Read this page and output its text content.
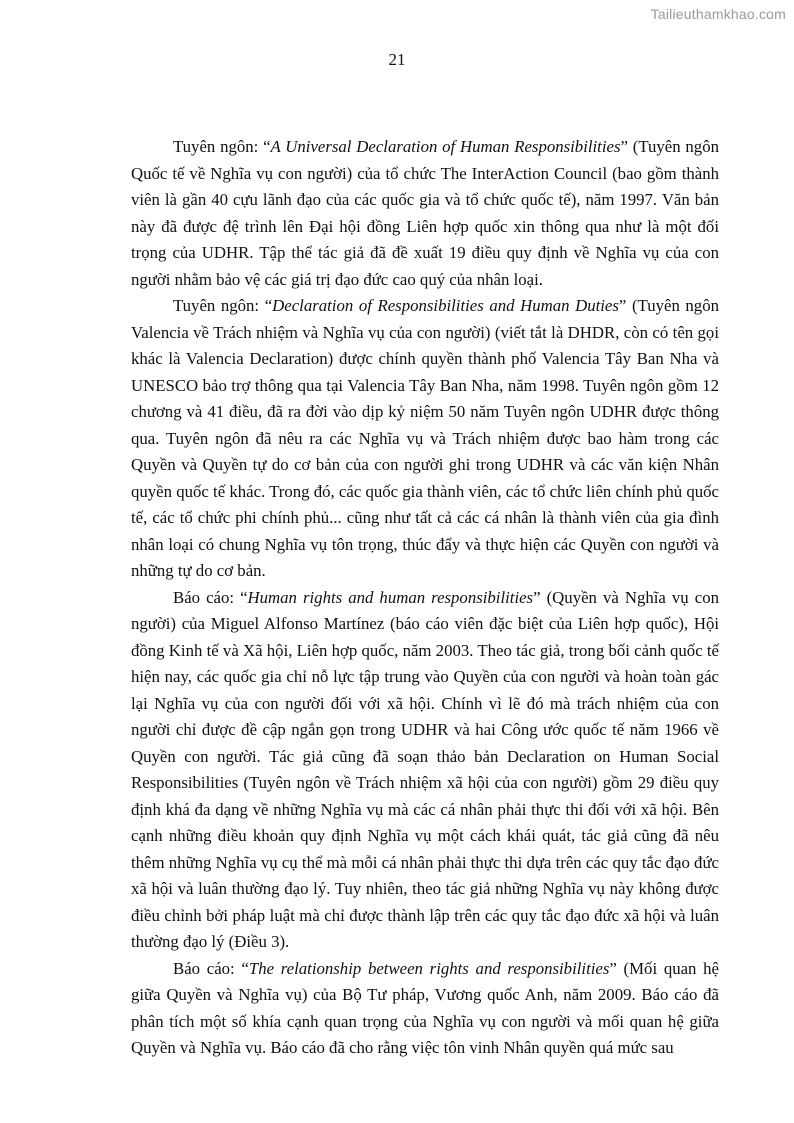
Tailieuthamkhao.com
21

Tuyên ngôn: “A Universal Declaration of Human Responsibilities” (Tuyên ngôn Quốc tế về Nghĩa vụ con người) của tổ chức The InterAction Council (bao gồm thành viên là gần 40 cựu lãnh đạo của các quốc gia và tổ chức quốc tế), năm 1997. Văn bản này đã được đệ trình lên Đại hội đồng Liên hợp quốc xin thông qua như là một đối trọng của UDHR. Tập thể tác giả đã đề xuất 19 điều quy định về Nghĩa vụ của con người nhằm bảo vệ các giá trị đạo đức cao quý của nhân loại.

Tuyên ngôn: “Declaration of Responsibilities and Human Duties” (Tuyên ngôn Valencia về Trách nhiệm và Nghĩa vụ của con người) (viết tắt là DHDR, còn có tên gọi khác là Valencia Declaration) được chính quyền thành phố Valencia Tây Ban Nha và UNESCO bảo trợ thông qua tại Valencia Tây Ban Nha, năm 1998. Tuyên ngôn gồm 12 chương và 41 điều, đã ra đời vào dịp kỷ niệm 50 năm Tuyên ngôn UDHR được thông qua. Tuyên ngôn đã nêu ra các Nghĩa vụ và Trách nhiệm được bao hàm trong các Quyền và Quyền tự do cơ bản của con người ghi trong UDHR và các văn kiện Nhân quyền quốc tế khác. Trong đó, các quốc gia thành viên, các tổ chức liên chính phủ quốc tế, các tổ chức phi chính phủ... cũng như tất cả các cá nhân là thành viên của gia đình nhân loại có chung Nghĩa vụ tôn trọng, thúc đẩy và thực hiện các Quyền con người và những tự do cơ bản.

Báo cáo: “Human rights and human responsibilities” (Quyền và Nghĩa vụ con người) của Miguel Alfonso Martínez (báo cáo viên đặc biệt của Liên hợp quốc), Hội đồng Kinh tế và Xã hội, Liên hợp quốc, năm 2003. Theo tác giả, trong bối cảnh quốc tế hiện nay, các quốc gia chỉ nỗ lực tập trung vào Quyền của con người và hoàn toàn gác lại Nghĩa vụ của con người đối với xã hội. Chính vì lẽ đó mà trách nhiệm của con người chỉ được đề cập ngắn gọn trong UDHR và hai Công ước quốc tế năm 1966 về Quyền con người. Tác giả cũng đã soạn thảo bản Declaration on Human Social Responsibilities (Tuyên ngôn về Trách nhiệm xã hội của con người) gồm 29 điều quy định khá đa dạng về những Nghĩa vụ mà các cá nhân phải thực thi đối với xã hội. Bên cạnh những điều khoản quy định Nghĩa vụ một cách khái quát, tác giả cũng đã nêu thêm những Nghĩa vụ cụ thể mà mỗi cá nhân phải thực thi dựa trên các quy tắc đạo đức xã hội và luân thường đạo lý. Tuy nhiên, theo tác giả những Nghĩa vụ này không được điều chỉnh bởi pháp luật mà chỉ được thành lập trên các quy tắc đạo đức xã hội và luân thường đạo lý (Điều 3).

Báo cáo: “The relationship between rights and responsibilities” (Mối quan hệ giữa Quyền và Nghĩa vụ) của Bộ Tư pháp, Vương quốc Anh, năm 2009. Báo cáo đã phân tích một số khía cạnh quan trọng của Nghĩa vụ con người và mối quan hệ giữa Quyền và Nghĩa vụ. Báo cáo đã cho rằng việc tôn vinh Nhân quyền quá mức sau
